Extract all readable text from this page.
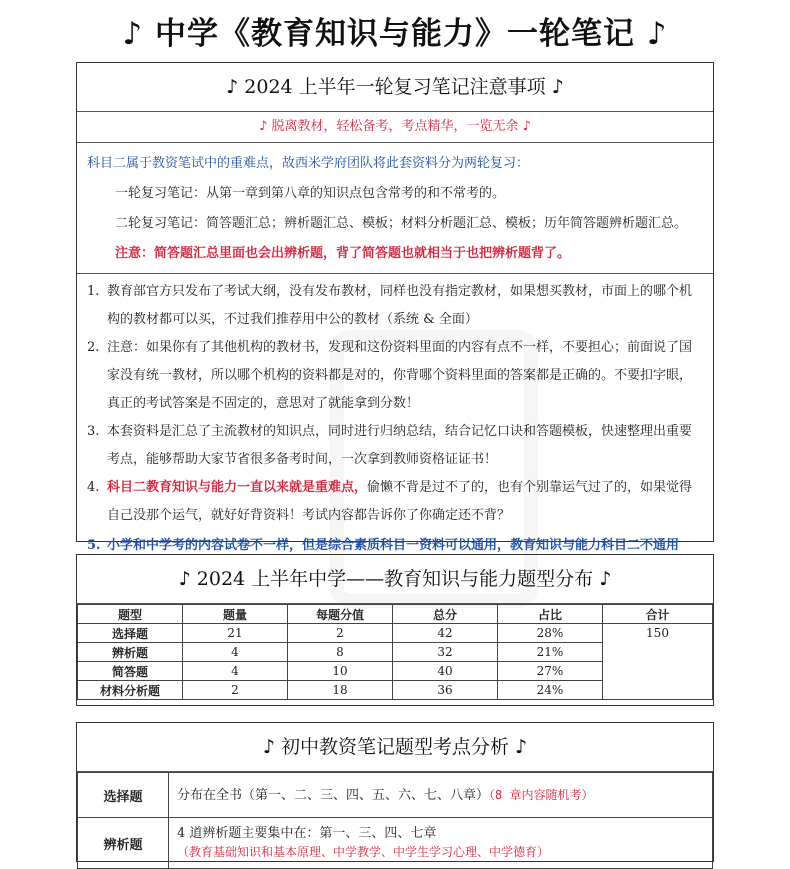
♪ 中学《教育知识与能力》一轮笔记 ♪
♪ 2024 上半年一轮复习笔记注意事项 ♪
♪ 脱离教材，轻松备考，考点精华，一览无余 ♪

科目二属于教资笔试中的重难点，故西米学府团队将此套资料分为两轮复习：

一轮复习笔记：从第一章到第八章的知识点包含常考的和不常考的。

二轮复习笔记：简答题汇总；辨析题汇总、模板；材料分析题汇总、模板；历年简答题辨析题汇总。

注意：简答题汇总里面也会出辨析题，背了简答题也就相当于也把辨析题背了。

1. 教育部官方只发布了考试大纲，没有发布教材，同样也没有指定教材，如果想买教材，市面上的哪个机构的教材都可以买，不过我们推荐用中公的教材（系统 & 全面）
2. 注意：如果你有了其他机构的教材书，发现和这份资料里面的内容有点不一样，不要担心；前面说了国家没有统一教材，所以哪个机构的资料都是对的，你背哪个资料里面的答案都是正确的。不要扣字眼，真正的考试答案是不固定的，意思对了就能拿到分数！
3. 本套资料是汇总了主流教材的知识点，同时进行归纳总结，结合记忆口诀和答题模板，快速整理出重要考点，能够帮助大家节省很多备考时间，一次拿到教师资格证证书！
4. 科目二教育知识与能力一直以来就是重难点，偷懒不背是过不了的，也有个别靠运气过了的，如果觉得自己没那个运气，就好好背资料！考试内容都告诉你了你确定还不背？
5. 小学和中学考的内容试卷不一样，但是综合素质科目一资料可以通用，教育知识与能力科目二不通用
♪ 2024 上半年中学——教育知识与能力题型分布 ♪
题型	题量	每题分值	总分	占比	合计
选择题	21	2	42	28%	150
辨析题	4	8	32	21%	
简答题	4	10	40	27%	
材料分析题	2	18	36	24%	
♪ 初中教资笔记题型考点分析 ♪
选择题	分布在全书（第一、二、三、四、五、六、七、八章）（8 章内容随机考）
辨析题	4 道辨析题主要集中在：第一、三、四、七章
（教育基础知识和基本原理、中学教学、中学生学习心理、中学德育）
